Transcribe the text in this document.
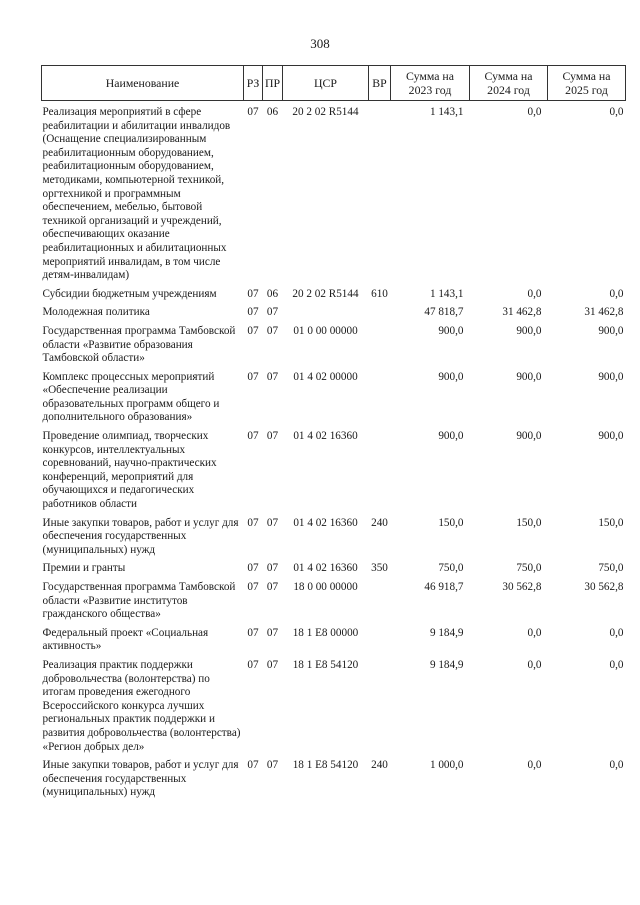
308
Наименование	РЗ	ПР	ЦСР	ВР	Сумма на 2023 год	Сумма на 2024 год	Сумма на 2025 год
Реализация мероприятий в сфере реабилитации и абилитации инвалидов (Оснащение специализированным реабилитационным оборудованием, реабилитационным оборудованием, методиками, компьютерной техникой, оргтехникой и программным обеспечением, мебелью, бытовой техникой организаций и учреждений, обеспечивающих оказание реабилитационных и абилитационных мероприятий инвалидам, в том числе детям-инвалидам)	07	06	20 2 02 R5144		1 143,1	0,0	0,0
Субсидии бюджетным учреждениям	07	06	20 2 02 R5144	610	1 143,1	0,0	0,0
Молодежная политика	07	07			47 818,7	31 462,8	31 462,8
Государственная программа Тамбовской области «Развитие образования Тамбовской области»	07	07	01 0 00 00000		900,0	900,0	900,0
Комплекс процессных мероприятий «Обеспечение реализации образовательных программ общего и дополнительного образования»	07	07	01 4 02 00000		900,0	900,0	900,0
Проведение олимпиад, творческих конкурсов, интеллектуальных соревнований, научно-практических конференций, мероприятий для обучающихся и педагогических работников области	07	07	01 4 02 16360		900,0	900,0	900,0
Иные закупки товаров, работ и услуг для обеспечения государственных (муниципальных) нужд	07	07	01 4 02 16360	240	150,0	150,0	150,0
Премии и гранты	07	07	01 4 02 16360	350	750,0	750,0	750,0
Государственная программа Тамбовской области «Развитие институтов гражданского общества»	07	07	18 0 00 00000		46 918,7	30 562,8	30 562,8
Федеральный проект «Социальная активность»	07	07	18 1 E8 00000		9 184,9	0,0	0,0
Реализация практик поддержки добровольчества (волонтерства) по итогам проведения ежегодного Всероссийского конкурса лучших региональных практик поддержки и развития добровольчества (волонтерства) «Регион добрых дел»	07	07	18 1 E8 54120		9 184,9	0,0	0,0
Иные закупки товаров, работ и услуг для обеспечения государственных (муниципальных) нужд	07	07	18 1 E8 54120	240	1 000,0	0,0	0,0
